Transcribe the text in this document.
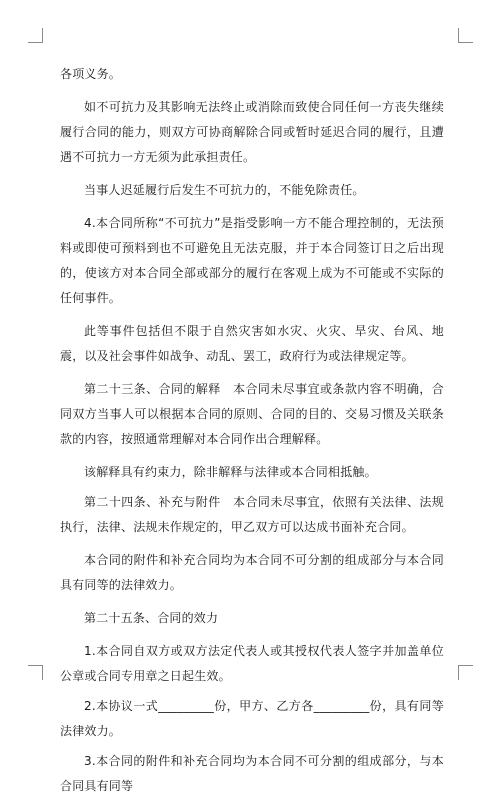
各项义务。

如不可抗力及其影响无法终止或消除而致使合同任何一方丧失继续履行合同的能力，则双方可协商解除合同或暂时延迟合同的履行，且遭遇不可抗力一方无须为此承担责任。

当事人迟延履行后发生不可抗力的，不能免除责任。

4.本合同所称“不可抗力”是指受影响一方不能合理控制的，无法预料或即使可预料到也不可避免且无法克服，并于本合同签订日之后出现的，使该方对本合同全部或部分的履行在客观上成为不可能或不实际的任何事件。

此等事件包括但不限于自然灾害如水灾、火灾、旱灾、台风、地震，以及社会事件如战争、动乱、罢工，政府行为或法律规定等。

第二十三条、合同的解释　本合同未尽事宜或条款内容不明确，合同双方当事人可以根据本合同的原则、合同的目的、交易习惯及关联条款的内容，按照通常理解对本合同作出合理解释。

该解释具有约束力，除非解释与法律或本合同相抵触。

第二十四条、补充与附件　本合同未尽事宜，依照有关法律、法规执行，法律、法规未作规定的，甲乙双方可以达成书面补充合同。

本合同的附件和补充合同均为本合同不可分割的组成部分与本合同具有同等的法律效力。

第二十五条、合同的效力

1.本合同自双方或双方法定代表人或其授权代表人签字并加盖单位公章或合同专用章之日起生效。

2.本协议一式_________份，甲方、乙方各_________份，具有同等法律效力。

3.本合同的附件和补充合同均为本合同不可分割的组成部分，与本合同具有同等
